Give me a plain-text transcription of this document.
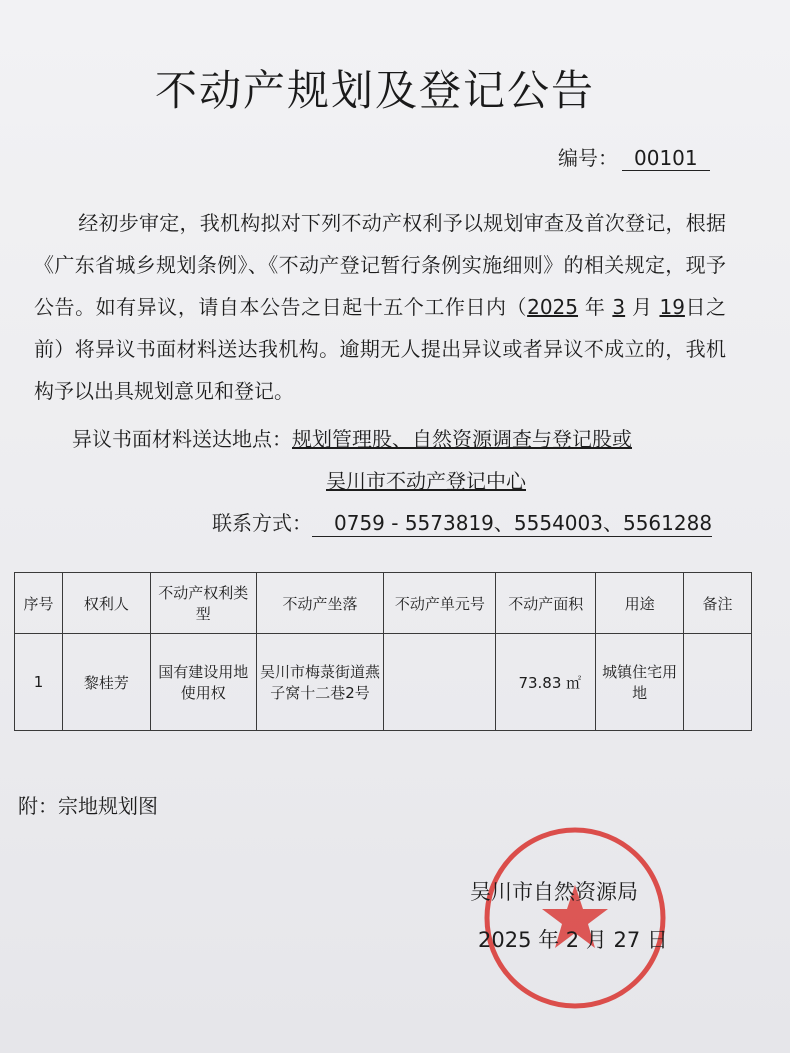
不动产规划及登记公告
编号： 00101
经初步审定，我机构拟对下列不动产权利予以规划审查及首次登记，根据《广东省城乡规划条例》、《不动产登记暂行条例实施细则》的相关规定，现予公告。如有异议，请自本公告之日起十五个工作日内（2025 年 3 月 19日之前）将异议书面材料送达我机构。逾期无人提出异议或者异议不成立的，我机构予以出具规划意见和登记。
异议书面材料送达地点：规划管理股、自然资源调查与登记股或
吴川市不动产登记中心
联系方式： 0759 - 5573819、5554003、5561288
序号	权利人	不动产权利类型	不动产坐落	不动产单元号	不动产面积	用途	备注
1	黎桂芳	国有建设用地使用权	吴川市梅菉街道燕子窝十二巷2号		73.83 ㎡	城镇住宅用地	
附：宗地规划图
吴川市自然资源局
2025 年 2 月 27 日
